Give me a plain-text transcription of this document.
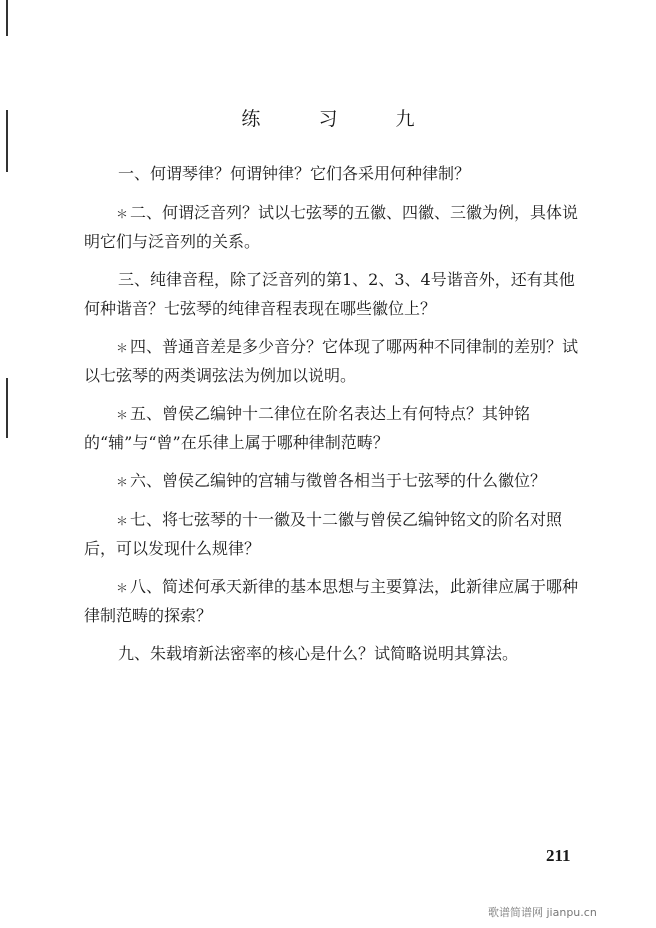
练	习	九

一、何谓琴律？何谓钟律？它们各采用何种律制？

＊ 二、何谓泛音列？试以七弦琴的五徽、四徽、三徽为例，具体说明它们与泛音列的关系。

三、纯律音程，除了泛音列的第1、2、3、4号谐音外，还有其他何种谐音？七弦琴的纯律音程表现在哪些徽位上？

＊ 四、普通音差是多少音分？它体现了哪两种不同律制的差别？试以七弦琴的两类调弦法为例加以说明。

＊ 五、曾侯乙编钟十二律位在阶名表达上有何特点？其钟铭的“辅”与“曾”在乐律上属于哪种律制范畴？

＊ 六、曾侯乙编钟的宫辅与徵曾各相当于七弦琴的什么徽位？

＊ 七、将七弦琴的十一徽及十二徽与曾侯乙编钟铭文的阶名对照后，可以发现什么规律？

＊ 八、简述何承天新律的基本思想与主要算法，此新律应属于哪种律制范畴的探索？

九、朱载堉新法密率的核心是什么？试简略说明其算法。

211
歌谱简谱网 jianpu.cn
